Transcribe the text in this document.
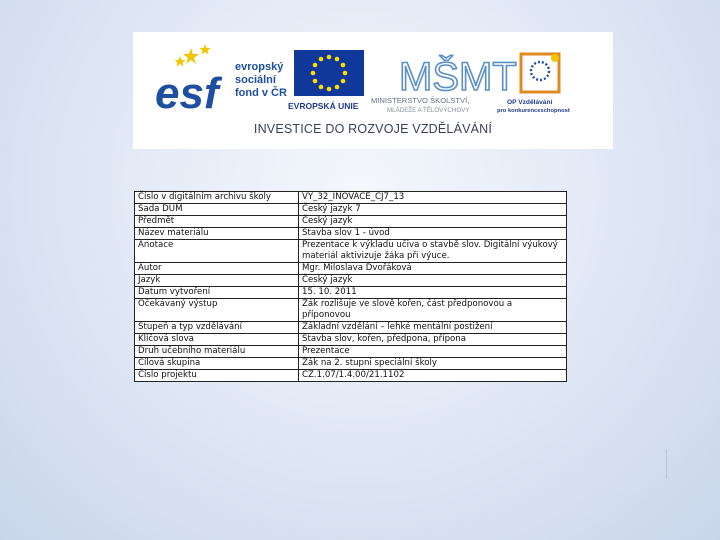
esf
evropský
sociální
fond v ČR
EVROPSKÁ UNIE
MŠMT
MINISTERSTVO ŠKOLSTVÍ,
MLÁDEŽE A TĚLOVÝCHOVY
OP Vzdělávání
pro konkurenceschopnost
INVESTICE DO ROZVOJE VZDĚLÁVÁNÍ
Číslo v digitálním archivu školy	VY_32_INOVACE_CJ7_13
Sada DUM	Český jazyk 7
Předmět	Český jazyk
Název materiálu	Stavba slov 1 - úvod
Anotace	Prezentace k výkladu učiva o stavbě slov. Digitální výukový materiál aktivizuje žáka při výuce.
Autor	Mgr. Miloslava Dvořáková
Jazyk	Český jazyk
Datum vytvoření	15. 10. 2011
Očekávaný výstup	Žák rozlišuje ve slově kořen, část předponovou a příponovou
Stupeň a typ vzdělávání	Základní vzdělání – lehké mentální postižení
Klíčová slova	Stavba slov, kořen, předpona, přípona
Druh učebního materiálu	Prezentace
Cílová skupina	Žák na 2. stupni speciální školy
Číslo projektu	CZ.1.07/1.4.00/21.1102
